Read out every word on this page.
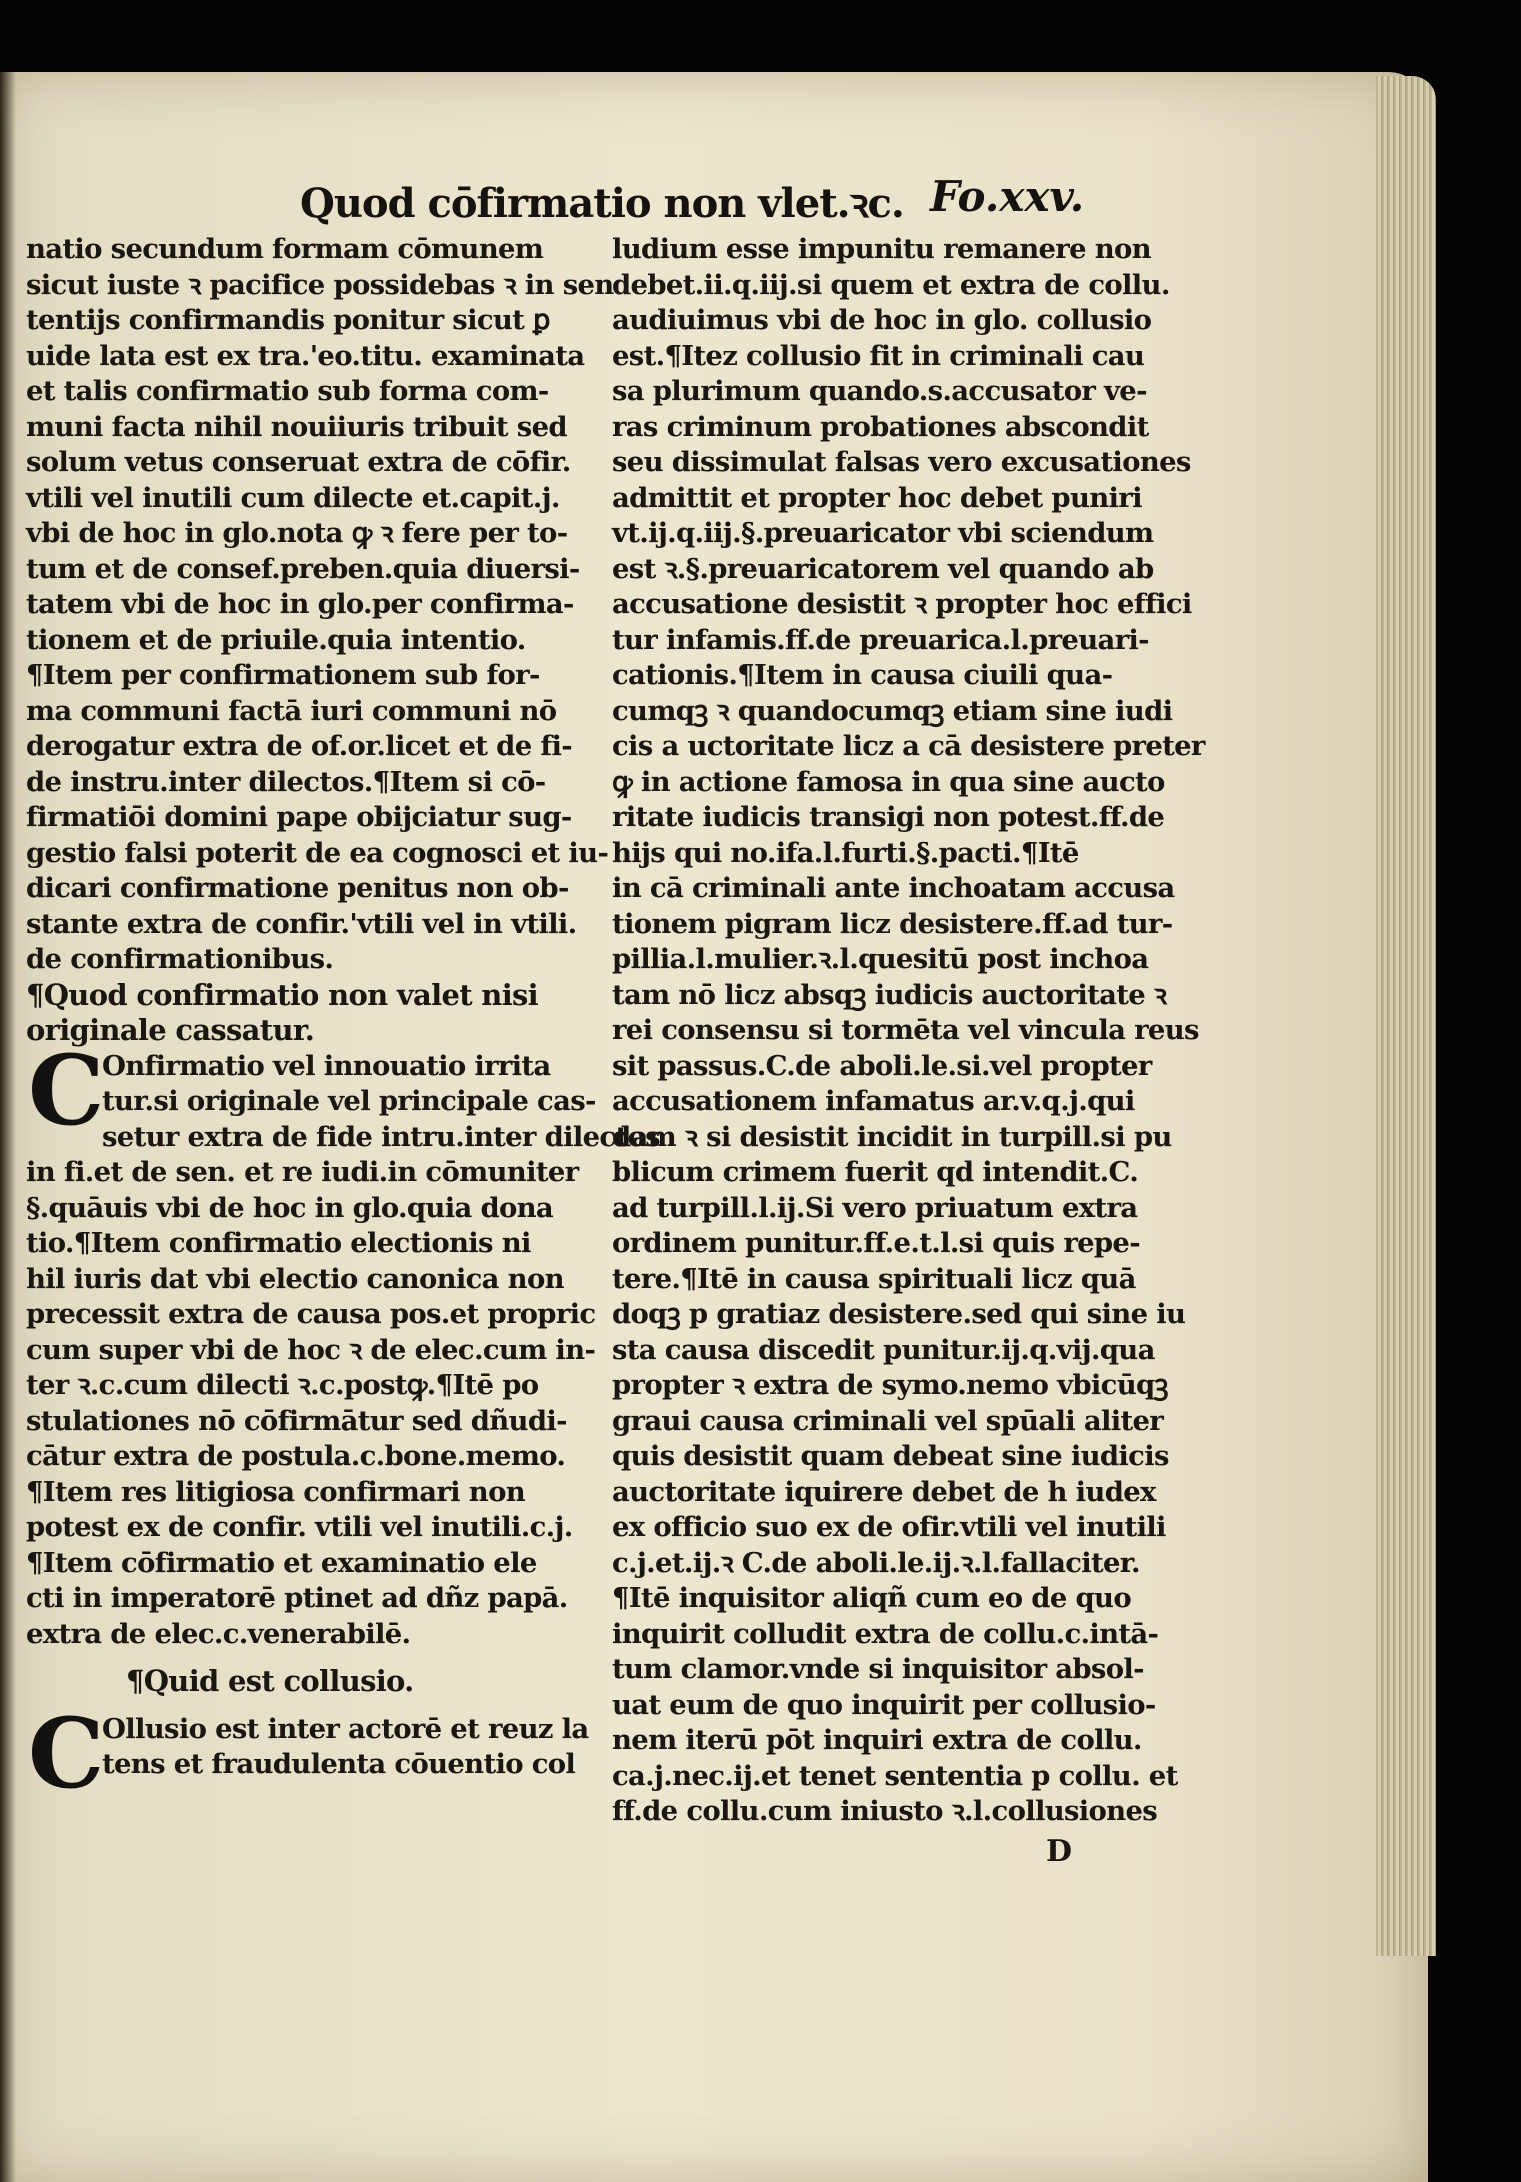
Quod cōfirmatio non vlet.ꝛc. Fo.xxv.
natio secundum formam cōmunem
sicut iuste ꝛ pacifice possidebas ꝛ in sen
tentijs confirmandis ponitur sicut ꝑ
uide lata est ex tra.'eo.titu. examinata
et talis confirmatio sub forma com-
muni facta nihil nouiiuris tribuit sed
solum vetus conseruat extra de cōfir.
vtili vel inutili cum dilecte et.capit.j.
vbi de hoc in glo.nota ꝙ ꝛ fere per to-
tum et de consef.preben.quia diuersi-
tatem vbi de hoc in glo.per confirma-
tionem et de priuile.quia intentio.
¶Item per confirmationem sub for-
ma communi factā iuri communi nō
derogatur extra de of.or.licet et de fi-
de instru.inter dilectos.¶Item si cō-
firmatiōi domini pape obijciatur sug-
gestio falsi poterit de ea cognosci et iu-
dicari confirmatione penitus non ob-
stante extra de confir.'vtili vel in vtili.
de confirmationibus.
¶Quod confirmatio non valet nisi
originale cassatur.
C
Onfirmatio vel innouatio irrita
tur.si originale vel principale cas-
setur extra de fide intru.inter dilectos
in fi.et de sen. et re iudi.in cōmuniter
§.quāuis vbi de hoc in glo.quia dona
tio.¶Item confirmatio electionis ni
hil iuris dat vbi electio canonica non
precessit extra de causa pos.et propric
cum super vbi de hoc ꝛ de elec.cum in-
ter ꝛ.c.cum dilecti ꝛ.c.postꝙ.¶Itē po
stulationes nō cōfirmātur sed dñudi-
cātur extra de postula.c.bone.memo.
¶Item res litigiosa confirmari non
potest ex de confir. vtili vel inutili.c.j.
¶Item cōfirmatio et examinatio ele
cti in imperatorē ptinet ad dñz papā.
extra de elec.c.venerabilē.
¶Quid est collusio.
C
Ollusio est inter actorē et reuz la
tens et fraudulenta cōuentio col
ludium esse impunitu remanere non
debet.ii.q.iij.si quem et extra de collu.
audiuimus vbi de hoc in glo. collusio
est.¶Itez collusio fit in criminali cau
sa plurimum quando.s.accusator ve-
ras criminum probationes abscondit
seu dissimulat falsas vero excusationes
admittit et propter hoc debet puniri
vt.ij.q.iij.§.preuaricator vbi sciendum
est ꝛ.§.preuaricatorem vel quando ab
accusatione desistit ꝛ propter hoc effici
tur infamis.ff.de preuarica.l.preuari-
cationis.¶Item in causa ciuili qua-
cumqꝫ ꝛ quandocumqꝫ etiam sine iudi
cis a uctoritate licz a cā desistere preter
ꝙ in actione famosa in qua sine aucto
ritate iudicis transigi non potest.ff.de
hijs qui no.ifa.l.furti.§.pacti.¶Itē
in cā criminali ante inchoatam accusa
tionem pigram licz desistere.ff.ad tur-
pillia.l.mulier.ꝛ.l.quesitū post inchoa
tam nō licz absqꝫ iudicis auctoritate ꝛ
rei consensu si tormēta vel vincula reus
sit passus.C.de aboli.le.si.vel propter
accusationem infamatus ar.v.q.j.qui
dam ꝛ si desistit incidit in turpill.si pu
blicum crimem fuerit qd intendit.C.
ad turpill.l.ij.Si vero priuatum extra
ordinem punitur.ff.e.t.l.si quis repe-
tere.¶Itē in causa spirituali licz quā
doqꝫ p gratiaz desistere.sed qui sine iu
sta causa discedit punitur.ij.q.vij.qua
propter ꝛ extra de symo.nemo vbicūqꝫ
graui causa criminali vel spūali aliter
quis desistit quam debeat sine iudicis
auctoritate iquirere debet de h iudex
ex officio suo ex de ofir.vtili vel inutili
c.j.et.ij.ꝛ C.de aboli.le.ij.ꝛ.l.fallaciter.
¶Itē inquisitor aliqñ cum eo de quo
inquirit colludit extra de collu.c.intā-
tum clamor.vnde si inquisitor absol-
uat eum de quo inquirit per collusio-
nem iterū pōt inquiri extra de collu.
ca.j.nec.ij.et tenet sententia p collu. et
ff.de collu.cum iniusto ꝛ.l.collusiones
D
